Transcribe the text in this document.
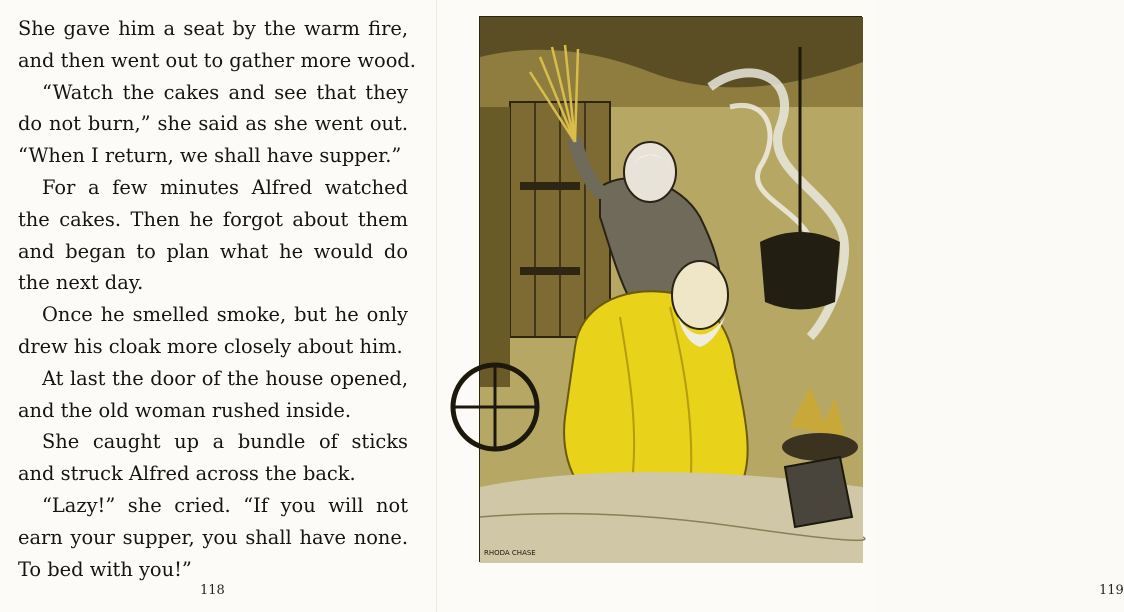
She gave him a seat by the warm fire,
and then went out to gather more wood.
“Watch the cakes and see that they
do not burn,” she said as she went out.
“When I return, we shall have supper.”
For a few minutes Alfred watched
the cakes. Then he forgot about them
and began to plan what he would do
the next day.
Once he smelled smoke, but he only
drew his cloak more closely about him.
At last the door of the house opened,
and the old woman rushed inside.
She caught up a bundle of sticks
and struck Alfred across the back.
“Lazy!” she cried. “If you will not
earn your supper, you shall have none.
To bed with you!”
118	119
RHODA CHASE
